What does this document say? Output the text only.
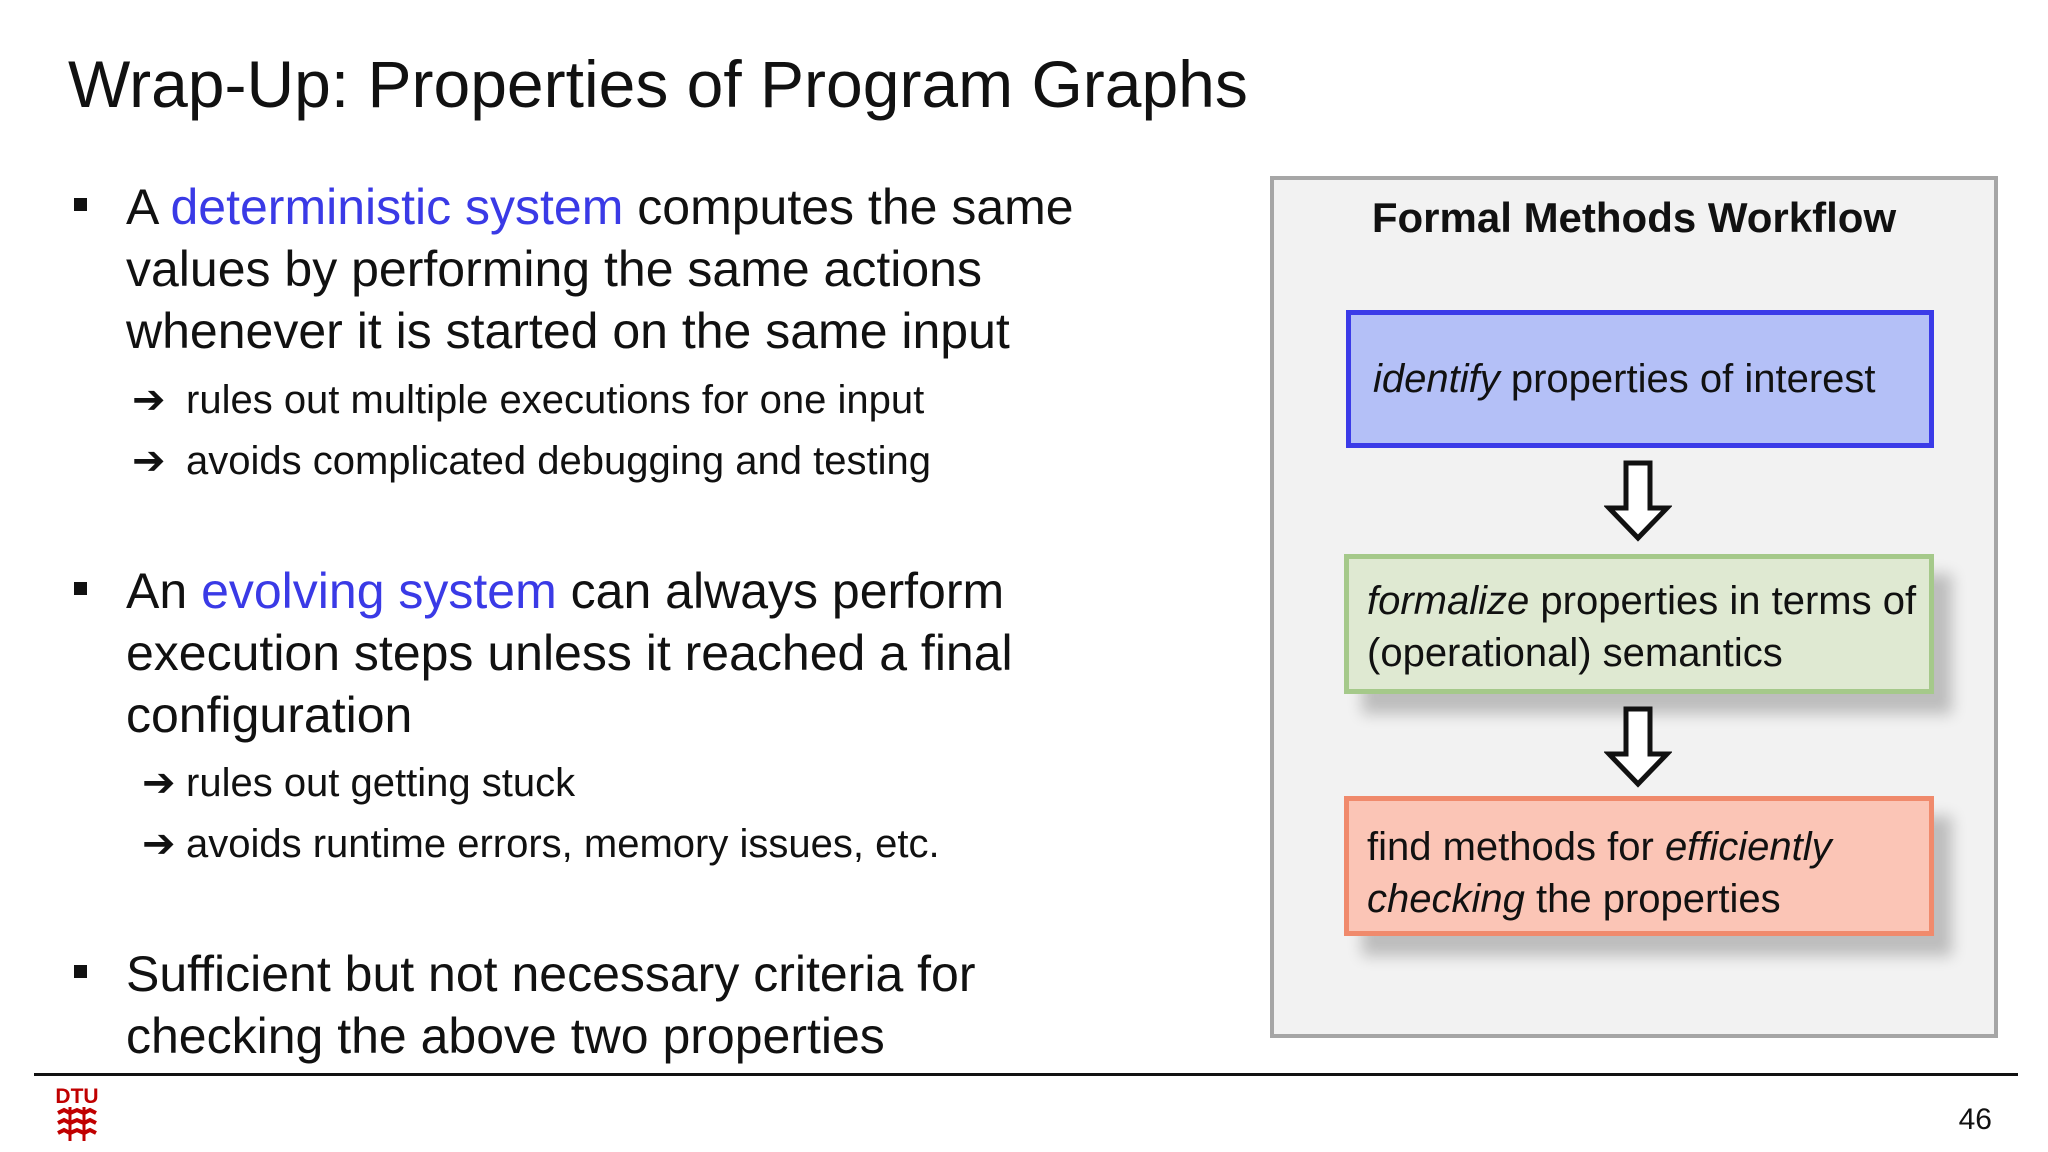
Wrap-Up: Properties of Program Graphs
A deterministic system computes the same values by performing the same actions whenever it is started on the same input
➔ rules out multiple executions for one input
➔ avoids complicated debugging and testing
An evolving system can always perform execution steps unless it reached a final configuration
➔ rules out getting stuck
➔ avoids runtime errors, memory issues, etc.
Sufficient but not necessary criteria for checking the above two properties
Formal Methods Workflow
identify properties of interest
formalize properties in terms of (operational) semantics
find methods for efficiently checking the properties
DTU
46
